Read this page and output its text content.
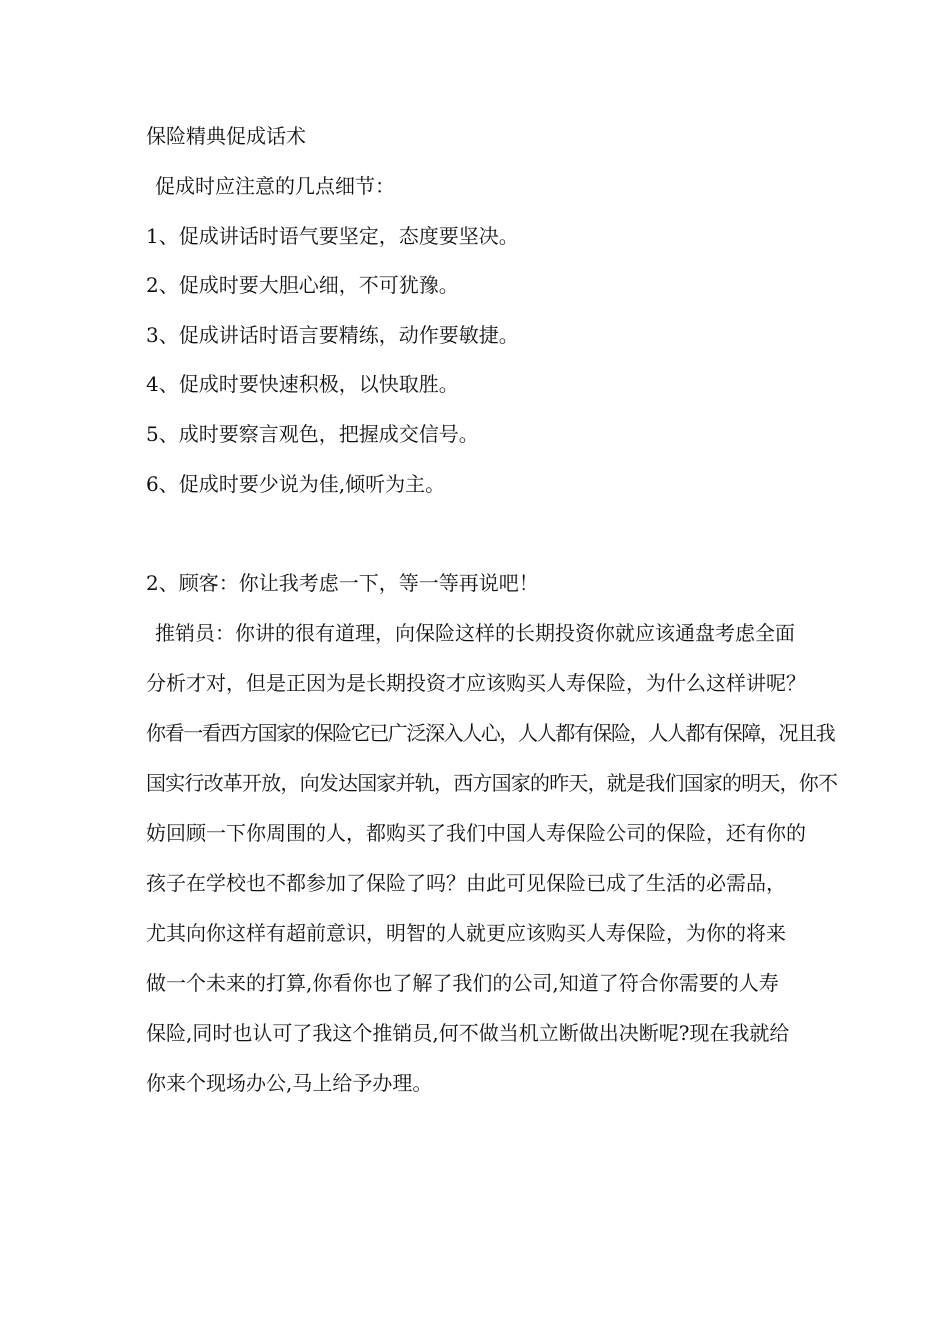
保险精典促成话术
促成时应注意的几点细节：
1、促成讲话时语气要坚定，态度要坚决。
2、促成时要大胆心细，不可犹豫。
3、促成讲话时语言要精练，动作要敏捷。
4、促成时要快速积极，以快取胜。
5、成时要察言观色，把握成交信号。
6、促成时要少说为佳,倾听为主。
2、顾客：你让我考虑一下，等一等再说吧！
推销员：你讲的很有道理，向保险这样的长期投资你就应该通盘考虑全面
分析才对，但是正因为是长期投资才应该购买人寿保险，为什么这样讲呢？
你看一看西方国家的保险它已广泛深入人心，人人都有保险，人人都有保障，况且我
国实行改革开放，向发达国家并轨，西方国家的昨天，就是我们国家的明天，你不
妨回顾一下你周围的人，都购买了我们中国人寿保险公司的保险，还有你的
孩子在学校也不都参加了保险了吗？由此可见保险已成了生活的必需品，
尤其向你这样有超前意识，明智的人就更应该购买人寿保险，为你的将来
做一个未来的打算,你看你也了解了我们的公司,知道了符合你需要的人寿
保险,同时也认可了我这个推销员,何不做当机立断做出决断呢?现在我就给
你来个现场办公,马上给予办理。
